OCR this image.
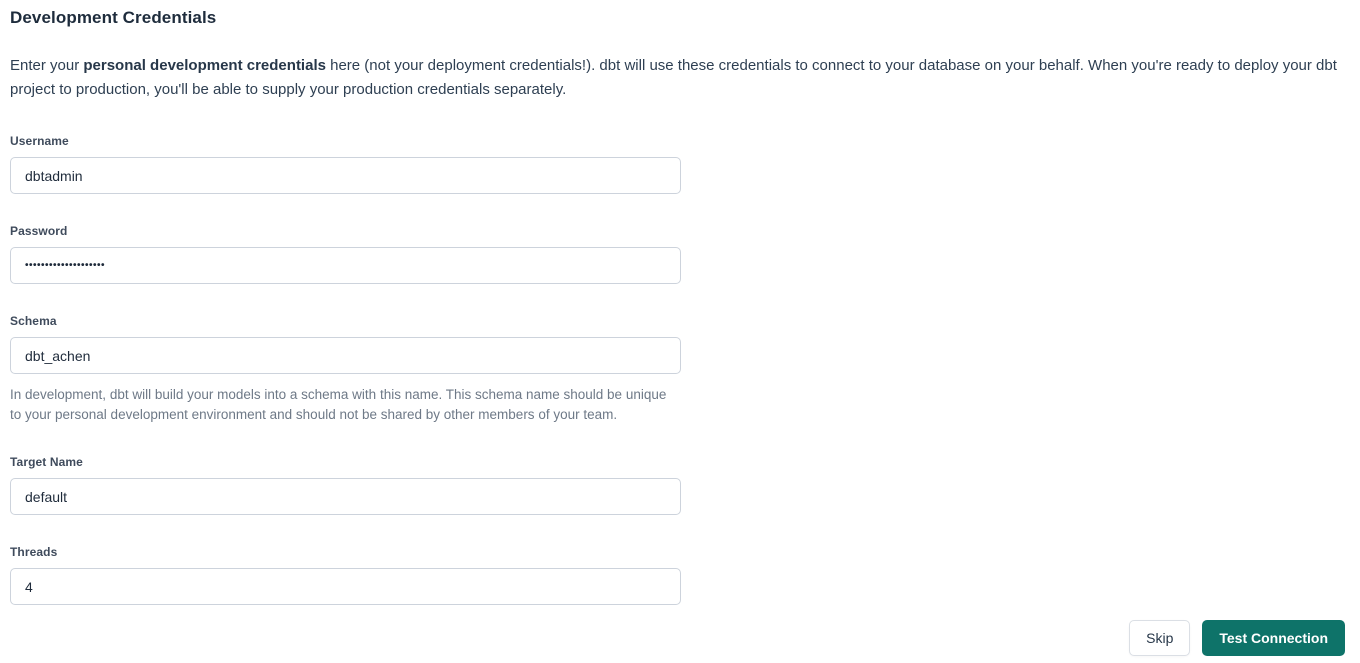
Development Credentials

Enter your personal development credentials here (not your deployment credentials!). dbt will use these credentials to connect to your database on your behalf. When you're ready to deploy your dbt project to production, you'll be able to supply your production credentials separately.

Username
dbtadmin
Password
••••••••••••••••••••
Schema
dbt_achen
In development, dbt will build your models into a schema with this name. This schema name should be unique to your personal development environment and should not be shared by other members of your team.
Target Name
default
Threads
4
Skip	Test Connection
